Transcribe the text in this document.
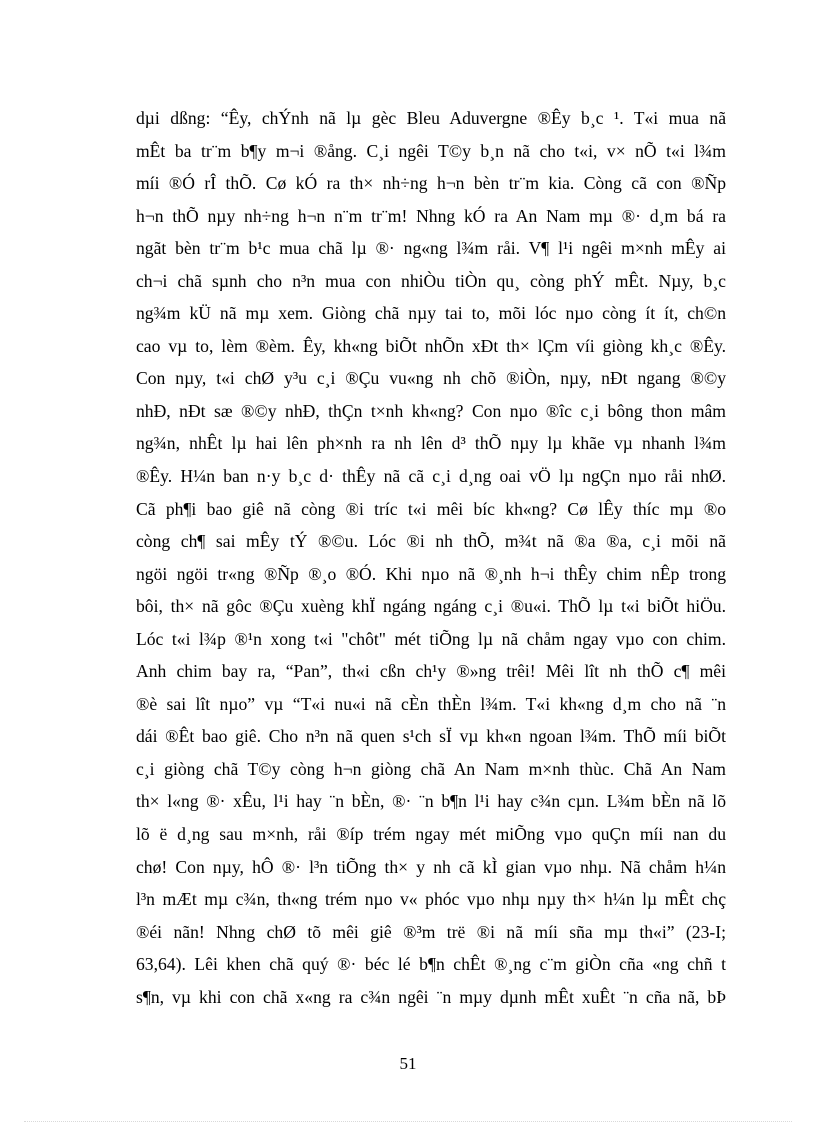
dµi dßng: “Êy, chÝnh nã lµ gèc Bleu Aduvergne ®Êy b¸c ¹. T«i mua nã
mÊt ba tr¨m b¶y m¬i ®ång. C¸i ngêi T©y b¸n nã cho t«i, v× nÕ t«i l¾m
míi ®Ó rÎ thÕ. Cø kÓ ra th× nh÷ng h¬n bèn tr¨m kia. Còng cã con ®Ñp
h¬n thÕ nµy nh÷ng h¬n n¨m tr¨m! Nhng kÓ ra An Nam mµ ®· d¸m bá ra
ngãt bèn tr¨m b¹c mua chã lµ ®· ng«ng l¾m råi. V¶ l¹i ngêi m×nh mÊy ai
ch¬i chã sµnh cho n³n mua con nhiÒu tiÒn qu¸ còng phÝ mÊt. Nµy, b¸c
ng¾m kÜ nã mµ xem. Giòng chã nµy tai to, mõi lóc nµo còng ít ít, ch©n
cao vµ to, lèm ®èm. Êy, kh«ng biÕt nhÕn xÐt th× lÇm víi giòng kh¸c ®Êy.
Con nµy, t«i chØ y³u c¸i ®Çu vu«ng nh chõ ®iÒn, nµy, nÐt ngang ®©y
nhÐ, nÐt sæ ®©y nhÐ, thÇn t×nh kh«ng? Con nµo ®îc c¸i bông thon mâm
ng¾n, nhÊt lµ hai lên ph×nh ra nh lên d³ thÕ nµy lµ khãe vµ nhanh l¾m
®Êy. H¼n ban n·y b¸c d· thÊy nã cã c¸i d¸ng oai vÖ lµ ngÇn nµo råi nhØ.
Cã ph¶i bao giê nã còng ®i tríc t«i mêi bíc kh«ng? Cø lÊy thíc mµ ®o
còng ch¶ sai mÊy tÝ ®©u. Lóc ®i nh thÕ, m¾t nã ®a ®a, c¸i mõi nã
ngöi ngöi tr«ng ®Ñp ®¸o ®Ó. Khi nµo nã ®¸nh h¬i thÊy chim nÊp trong
bôi, th× nã gôc ®Çu xuèng khÏ ngáng ngáng c¸i ®u«i. ThÕ lµ t«i biÕt hiÖu.
Lóc t«i l¾p ®¹n xong t«i "chôt" mét tiÕng lµ nã chåm ngay vµo con chim.
Anh chim bay ra, “Pan”, th«i cßn ch¹y ®»ng trêi! Mêi lît nh thÕ c¶ mêi
®è sai lît nµo” vµ “T«i nu«i nã cÈn thÈn l¾m. T«i kh«ng d¸m cho nã ¨n
dái ®Êt bao giê. Cho n³n nã quen s¹ch sÏ vµ kh«n ngoan l¾m. ThÕ míi biÕt
c¸i giòng chã T©y còng h¬n giòng chã An Nam m×nh thùc. Chã An Nam
th× l«ng ®· xÊu, l¹i hay ¨n bÈn, ®· ¨n b¶n l¹i hay c¾n cµn. L¾m bÈn nã lõ
lõ ë d¸ng sau m×nh, råi ®íp trém ngay mét miÕng vµo quÇn míi nan du
chø! Con nµy, hÔ ®· l³n tiÕng th× y nh cã kÌ gian vµo nhµ. Nã chåm h¼n
l³n mÆt mµ c¾n, th«ng trém nµo v« phóc vµo nhµ nµy th× h¼n lµ mÊt chç
®éi nãn! Nhng chØ tõ mêi giê ®³m trë ®i nã míi sña mµ th«i” (23-I;
63,64). Lêi khen chã quý ®· béc lé b¶n chÊt ®¸ng c¨m giÒn cña «ng chñ t
s¶n, vµ khi con chã x«ng ra c¾n ngêi ¨n mµy dµnh mÊt xuÊt ¨n cña nã, bÞ
51
